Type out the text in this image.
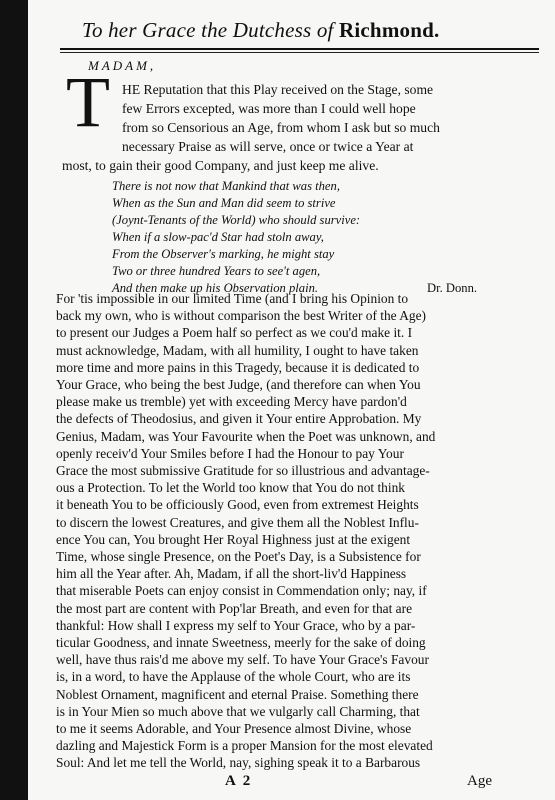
To her Grace the Dutchess of Richmond.
MADAM,
T HE Reputation that this Play received on the Stage, some
few Errors excepted, was more than I could well hope
from so Censorious an Age, from whom I ask but so much
necessary Praise as will serve, once or twice a Year at
most, to gain their good Company, and just keep me alive.
There is not now that Mankind that was then,
When as the Sun and Man did seem to strive
(Joynt-Tenants of the World) who should survive:
When if a slow-pac'd Star had stoln away,
From the Observer's marking, he might stay
Two or three hundred Years to see't agen,
And then make up his Observation plain.	Dr. Donn.
For 'tis impossible in our limited Time (and I bring his Opinion to
back my own, who is without comparison the best Writer of the Age)
to present our Judges a Poem half so perfect as we cou'd make it. I
must acknowledge, Madam, with all humility, I ought to have taken
more time and more pains in this Tragedy, because it is dedicated to
Your Grace, who being the best Judge, (and therefore can when You
please make us tremble) yet with exceeding Mercy have pardon'd
the defects of Theodosius, and given it Your entire Approbation. My
Genius, Madam, was Your Favourite when the Poet was unknown, and
openly receiv'd Your Smiles before I had the Honour to pay Your
Grace the most submissive Gratitude for so illustrious and advantage-
ous a Protection. To let the World too know that You do not think
it beneath You to be officiously Good, even from extremest Heights
to discern the lowest Creatures, and give them all the Noblest Influ-
ence You can, You brought Her Royal Highness just at the exigent
Time, whose single Presence, on the Poet's Day, is a Subsistence for
him all the Year after. Ah, Madam, if all the short-liv'd Happiness
that miserable Poets can enjoy consist in Commendation only; nay, if
the most part are content with Pop'lar Breath, and even for that are
thankful: How shall I express my self to Your Grace, who by a par-
ticular Goodness, and innate Sweetness, meerly for the sake of doing
well, have thus rais'd me above my self. To have Your Grace's Favour
is, in a word, to have the Applause of the whole Court, who are its
Noblest Ornament, magnificent and eternal Praise. Something there
is in Your Mien so much above that we vulgarly call Charming, that
to me it seems Adorable, and Your Presence almost Divine, whose
dazling and Majestick Form is a proper Mansion for the most elevated
Soul: And let me tell the World, nay, sighing speak it to a Barbarous
A 2	Age
